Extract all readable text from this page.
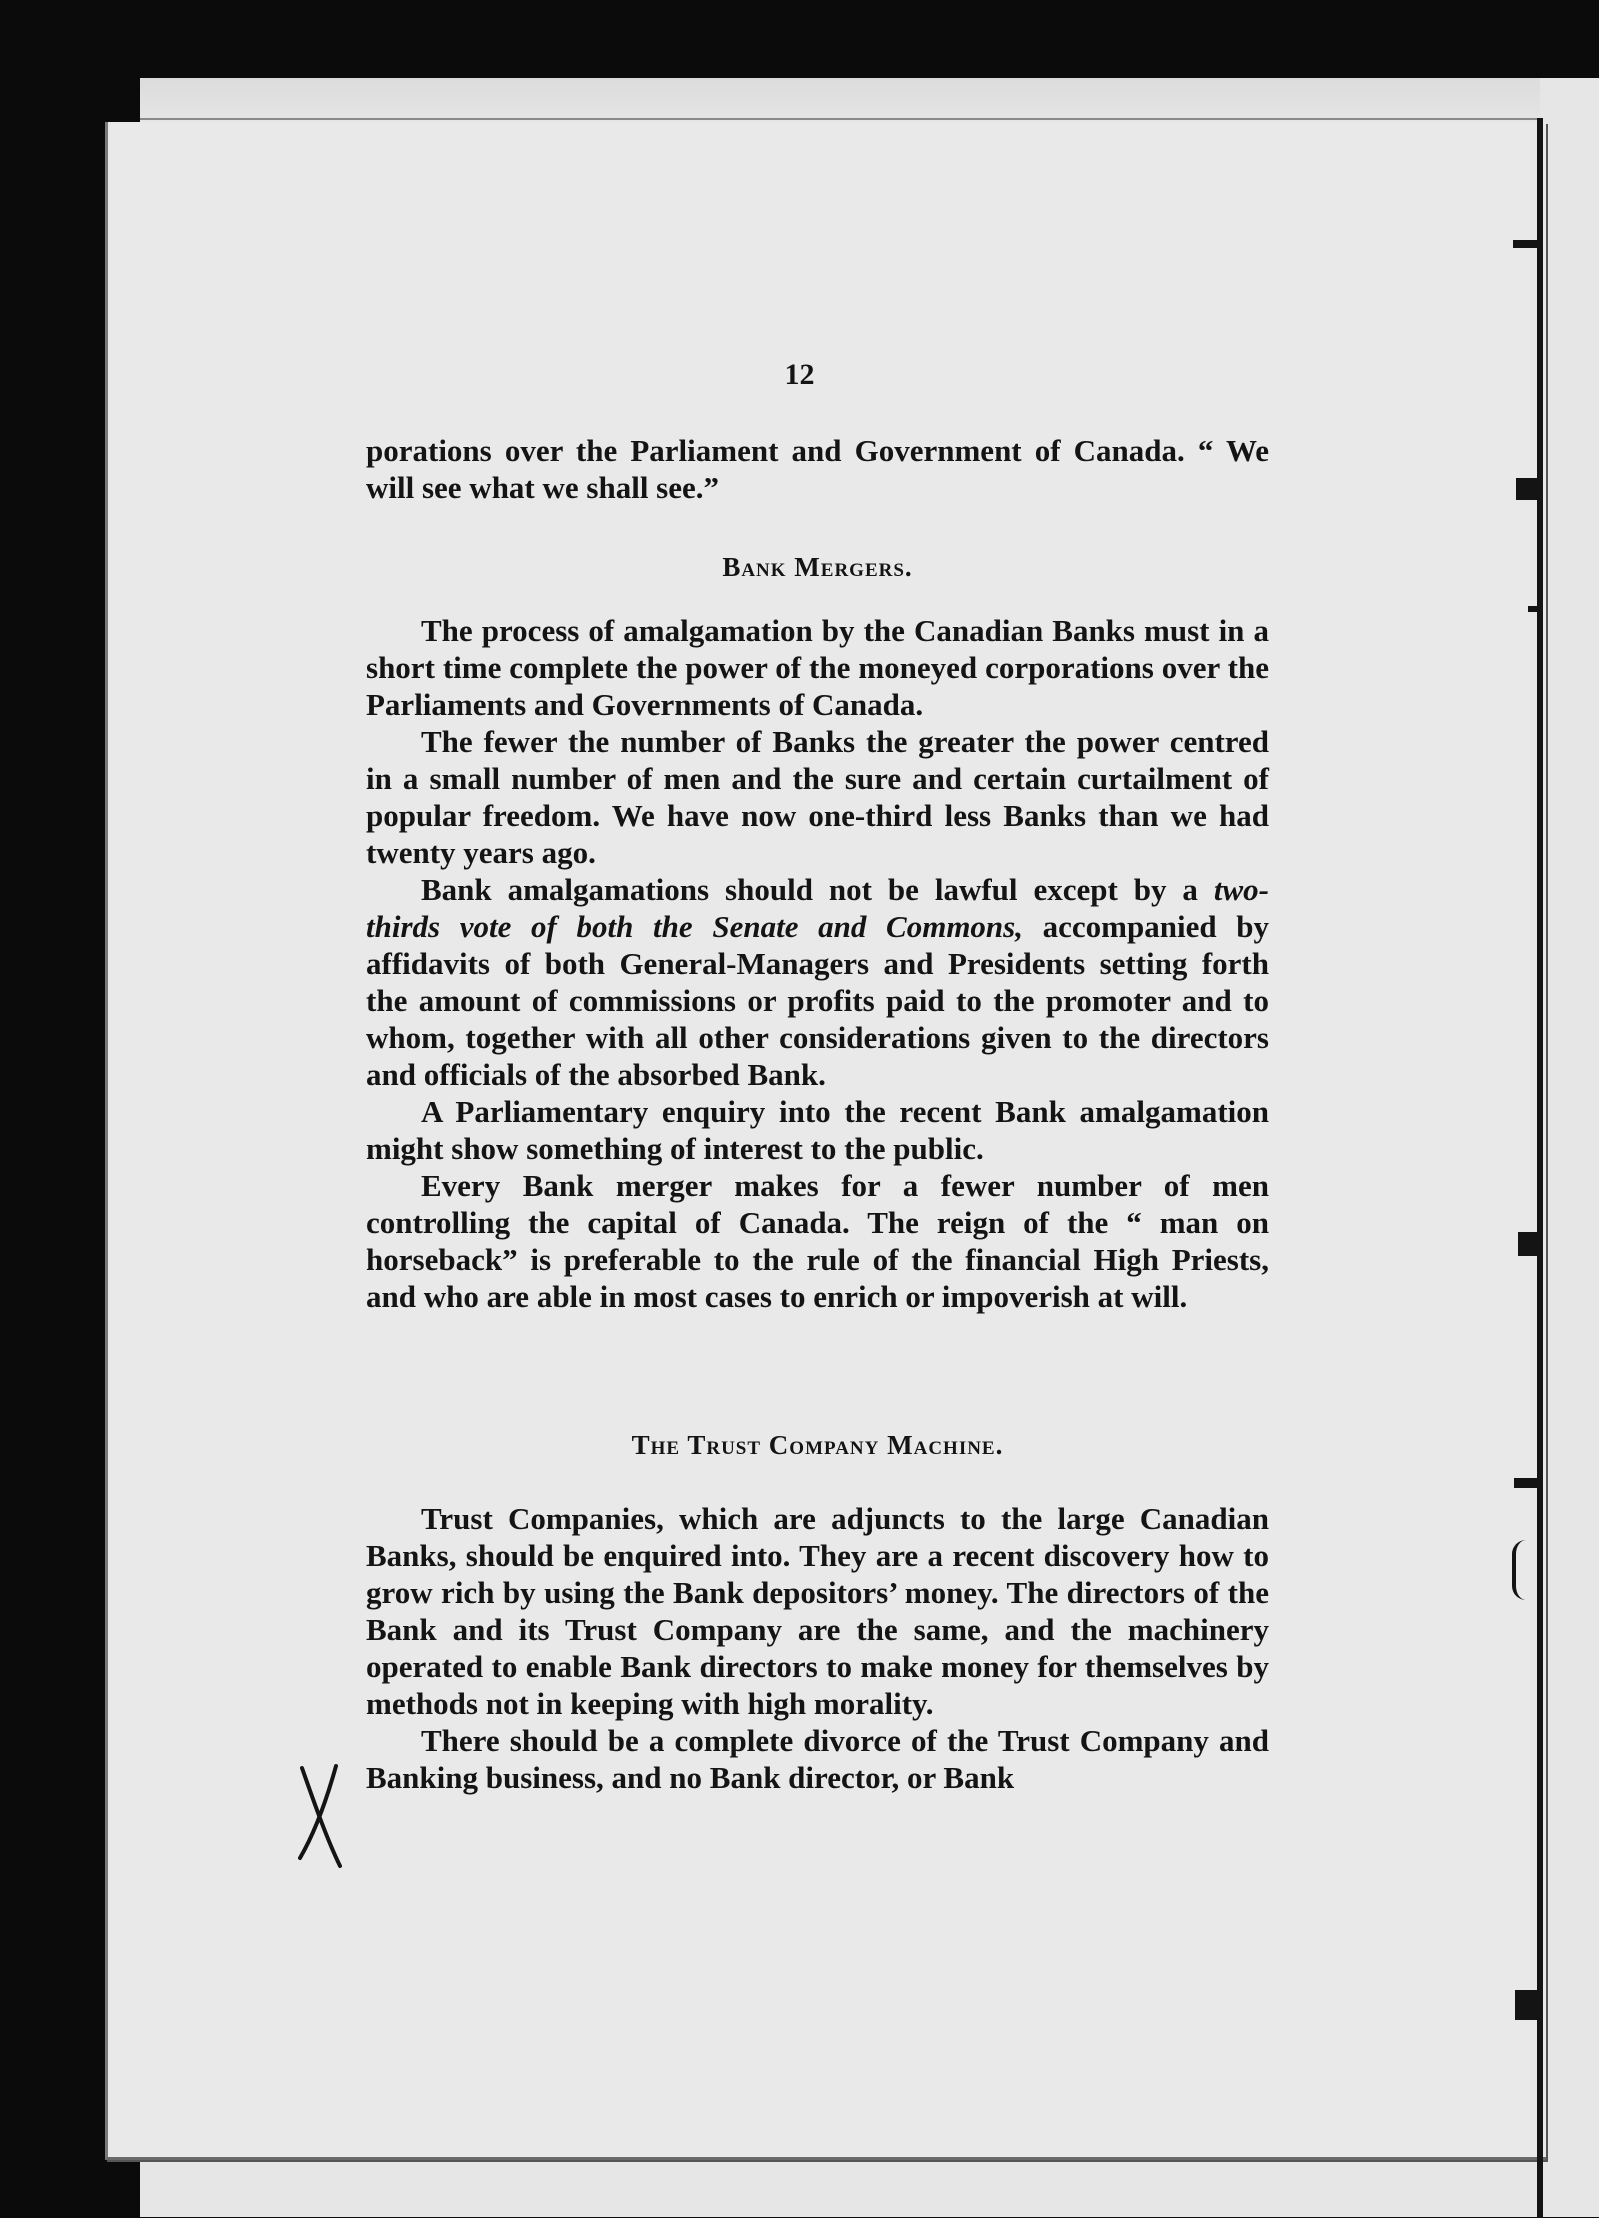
12

porations over the Parliament and Government of Canada. “ We will see what we shall see.”

Bank Mergers.

The process of amalgamation by the Canadian Banks must in a short time complete the power of the moneyed corporations over the Parliaments and Governments of Canada.

The fewer the number of Banks the greater the power centred in a small number of men and the sure and certain curtailment of popular freedom. We have now one-third less Banks than we had twenty years ago.

Bank amalgamations should not be lawful except by a two-thirds vote of both the Senate and Commons, accompanied by affidavits of both General-Managers and Presidents setting forth the amount of commissions or profits paid to the promoter and to whom, together with all other considerations given to the directors and officials of the absorbed Bank.

A Parliamentary enquiry into the recent Bank amalgamation might show something of interest to the public.

Every Bank merger makes for a fewer number of men controlling the capital of Canada. The reign of the “ man on horseback” is preferable to the rule of the financial High Priests, and who are able in most cases to enrich or impoverish at will.

The Trust Company Machine.

Trust Companies, which are adjuncts to the large Canadian Banks, should be enquired into. They are a recent discovery how to grow rich by using the Bank depositors’ money. The directors of the Bank and its Trust Company are the same, and the machinery operated to enable Bank directors to make money for themselves by methods not in keeping with high morality.

There should be a complete divorce of the Trust Company and Banking business, and no Bank director, or Bank
